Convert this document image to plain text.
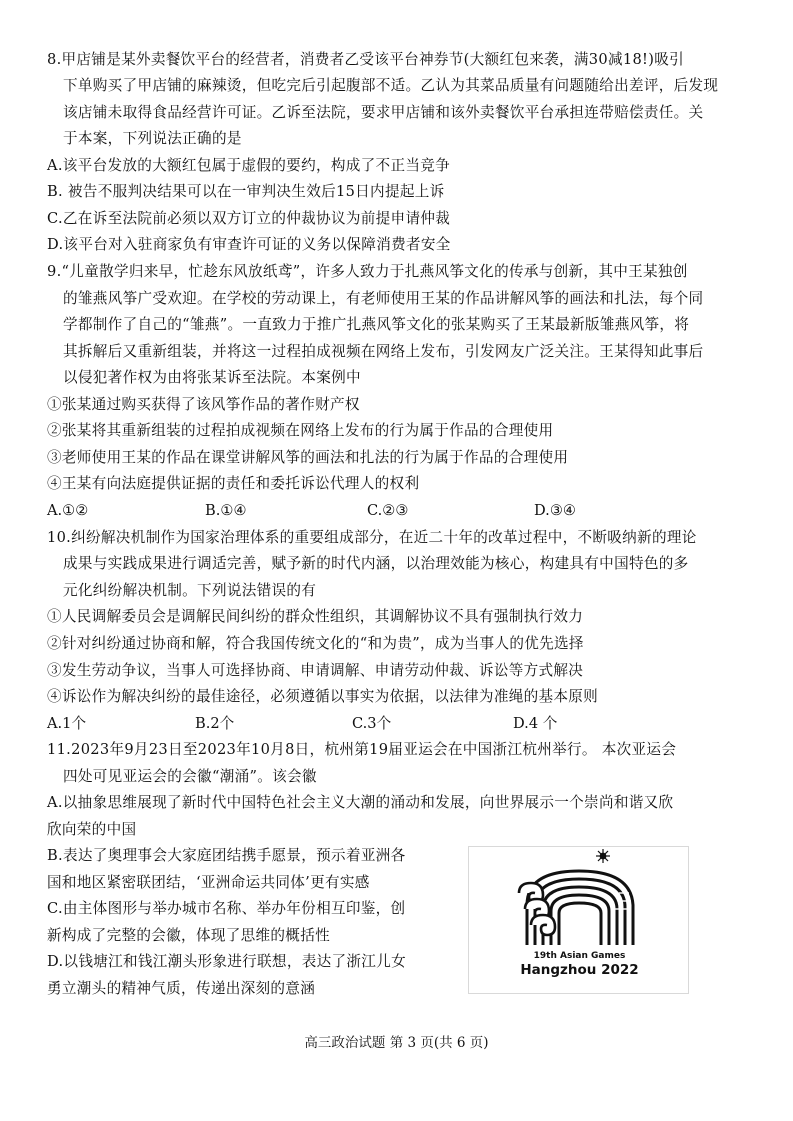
8.甲店铺是某外卖餐饮平台的经营者，消费者乙受该平台神券节(大额红包来袭，满30减18!)吸引
下单购买了甲店铺的麻辣烫，但吃完后引起腹部不适。乙认为其菜品质量有问题随给出差评，后发现
该店铺未取得食品经营许可证。乙诉至法院，要求甲店铺和该外卖餐饮平台承担连带赔偿责任。关
于本案，下列说法正确的是
A.该平台发放的大额红包属于虚假的要约，构成了不正当竞争
B. 被告不服判决结果可以在一审判决生效后15日内提起上诉
C.乙在诉至法院前必须以双方订立的仲裁协议为前提申请仲裁
D.该平台对入驻商家负有审查许可证的义务以保障消费者安全
9.“儿童散学归来早，忙趁东风放纸鸢”，许多人致力于扎燕风筝文化的传承与创新，其中王某独创
的雏燕风筝广受欢迎。在学校的劳动课上，有老师使用王某的作品讲解风筝的画法和扎法，每个同
学都制作了自己的“雏燕”。一直致力于推广扎燕风筝文化的张某购买了王某最新版雏燕风筝，将
其拆解后又重新组装，并将这一过程拍成视频在网络上发布，引发网友广泛关注。王某得知此事后
以侵犯著作权为由将张某诉至法院。本案例中
①张某通过购买获得了该风筝作品的著作财产权
②张某将其重新组装的过程拍成视频在网络上发布的行为属于作品的合理使用
③老师使用王某的作品在课堂讲解风筝的画法和扎法的行为属于作品的合理使用
④王某有向法庭提供证据的责任和委托诉讼代理人的权利
A.①②	B.①④	C.②③	D.③④
10.纠纷解决机制作为国家治理体系的重要组成部分，在近二十年的改革过程中，不断吸纳新的理论
成果与实践成果进行调适完善，赋予新的时代内涵，以治理效能为核心，构建具有中国特色的多
元化纠纷解决机制。下列说法错误的有
①人民调解委员会是调解民间纠纷的群众性组织，其调解协议不具有强制执行效力
②针对纠纷通过协商和解，符合我国传统文化的“和为贵”，成为当事人的优先选择
③发生劳动争议，当事人可选择协商、申请调解、申请劳动仲裁、诉讼等方式解决
④诉讼作为解决纠纷的最佳途径，必须遵循以事实为依据，以法律为准绳的基本原则
A.1个	B.2个	C.3个	D.4 个
11.2023年9月23日至2023年10月8日，杭州第19届亚运会在中国浙江杭州举行。 本次亚运会
四处可见亚运会的会徽“潮涌”。该会徽
A.以抽象思维展现了新时代中国特色社会主义大潮的涌动和发展，向世界展示一个崇尚和谐又欣
欣向荣的中国
B.表达了奥理事会大家庭团结携手愿景，预示着亚洲各
国和地区紧密联团结，‘亚洲命运共同体’更有实感
C.由主体图形与举办城市名称、举办年份相互印鉴，创
新构成了完整的会徽，体现了思维的概括性
D.以钱塘江和钱江潮头形象进行联想，表达了浙江儿女
勇立潮头的精神气质，传递出深刻的意涵
19th Asian Games
Hangzhou 2022
高三政治试题 第 3 页(共 6 页)
